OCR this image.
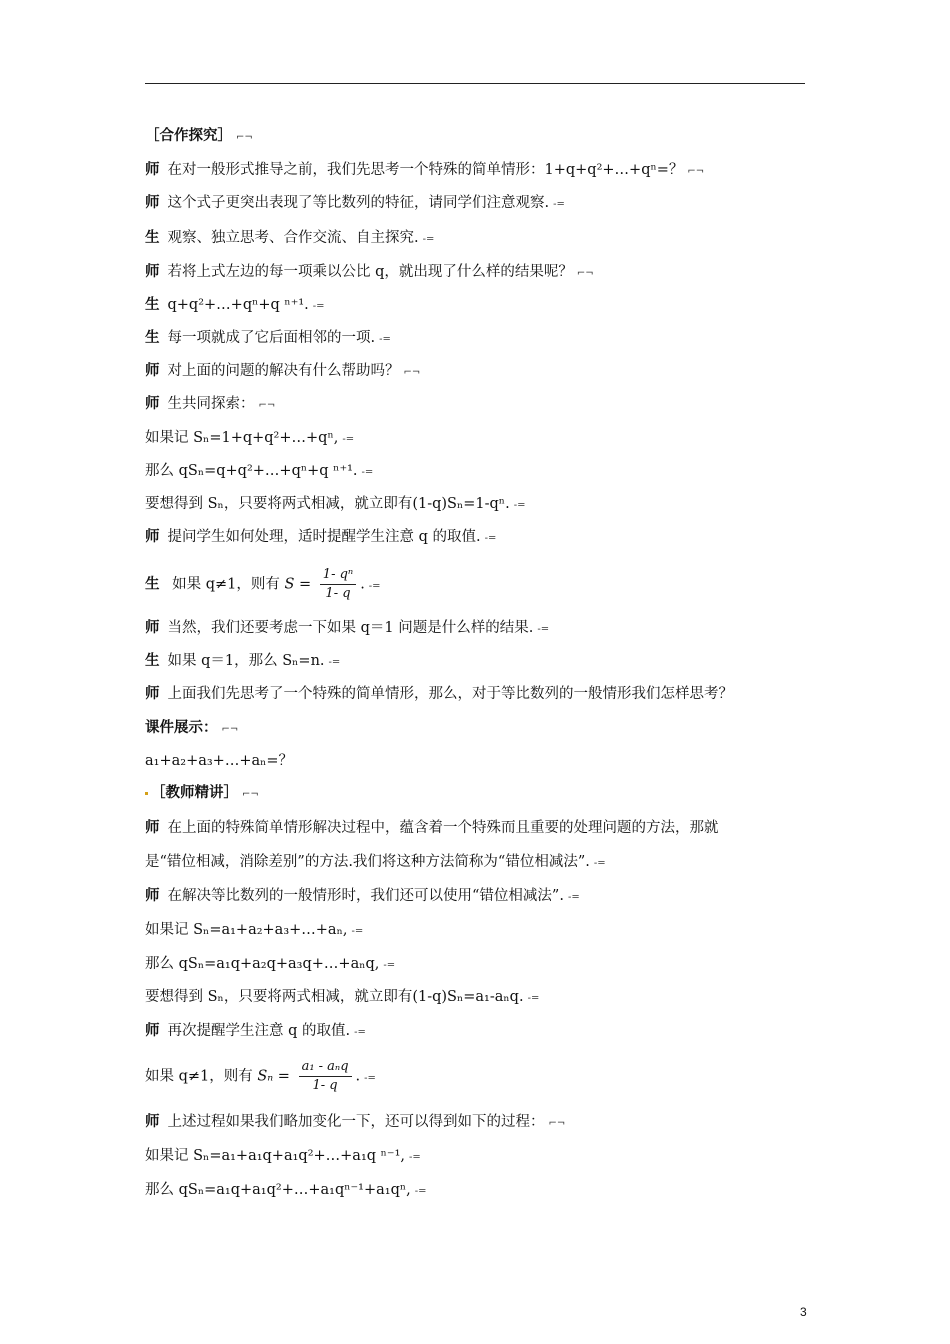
［合作探究］ ⌐¬
师 在对一般形式推导之前，我们先思考一个特殊的简单情形：1+q+q²+…+qⁿ=？ ⌐¬
师 这个式子更突出表现了等比数列的特征，请同学们注意观察. -=
生 观察、独立思考、合作交流、自主探究. -=
师 若将上式左边的每一项乘以公比 q，就出现了什么样的结果呢？ ⌐¬
生 q+q²+…+qⁿ+q ⁿ⁺¹. -=
生 每一项就成了它后面相邻的一项. -=
师 对上面的问题的解决有什么帮助吗？ ⌐¬
师 生共同探索： ⌐¬
如果记 Sₙ=1+q+q²+…+qⁿ, -=
那么 qSₙ=q+q²+…+qⁿ+q ⁿ⁺¹. -=
要想得到 Sₙ，只要将两式相减，就立即有(1-q)Sₙ=1-qⁿ. -=
师 提问学生如何处理，适时提醒学生注意 q 的取值. -=
师 当然，我们还要考虑一下如果 q＝1 问题是什么样的结果. -=
生 如果 q＝1，那么 Sₙ=n. -=
师 上面我们先思考了一个特殊的简单情形，那么，对于等比数列的一般情形我们怎样思考？
课件展示： ⌐¬
a₁+a₂+a₃+…+aₙ=？
［教师精讲］ ⌐¬
师 在上面的特殊简单情形解决过程中，蕴含着一个特殊而且重要的处理问题的方法，那就
是“错位相减，消除差别”的方法.我们将这种方法简称为“错位相减法”. -=
师 在解决等比数列的一般情形时，我们还可以使用“错位相减法”. -=
如果记 Sₙ=a₁+a₂+a₃+…+aₙ, -=
那么 qSₙ=a₁q+a₂q+a₃q+…+aₙq, -=
要想得到 Sₙ，只要将两式相减，就立即有(1-q)Sₙ=a₁-aₙq. -=
师 再次提醒学生注意 q 的取值. -=
师 上述过程如果我们略加变化一下，还可以得到如下的过程： ⌐¬
如果记 Sₙ=a₁+a₁q+a₁q²+…+a₁q ⁿ⁻¹, -=
那么 qSₙ=a₁q+a₁q²+…+a₁qⁿ⁻¹+a₁qⁿ, -=
生 如果 q≠1，则有 $S = \frac{\text{1- qⁿ}}{1- q}$ . -=
如果 q≠1，则有 $S_n = \frac{\text{a₁ - aₙq}}{1- q}$ . -=
3
